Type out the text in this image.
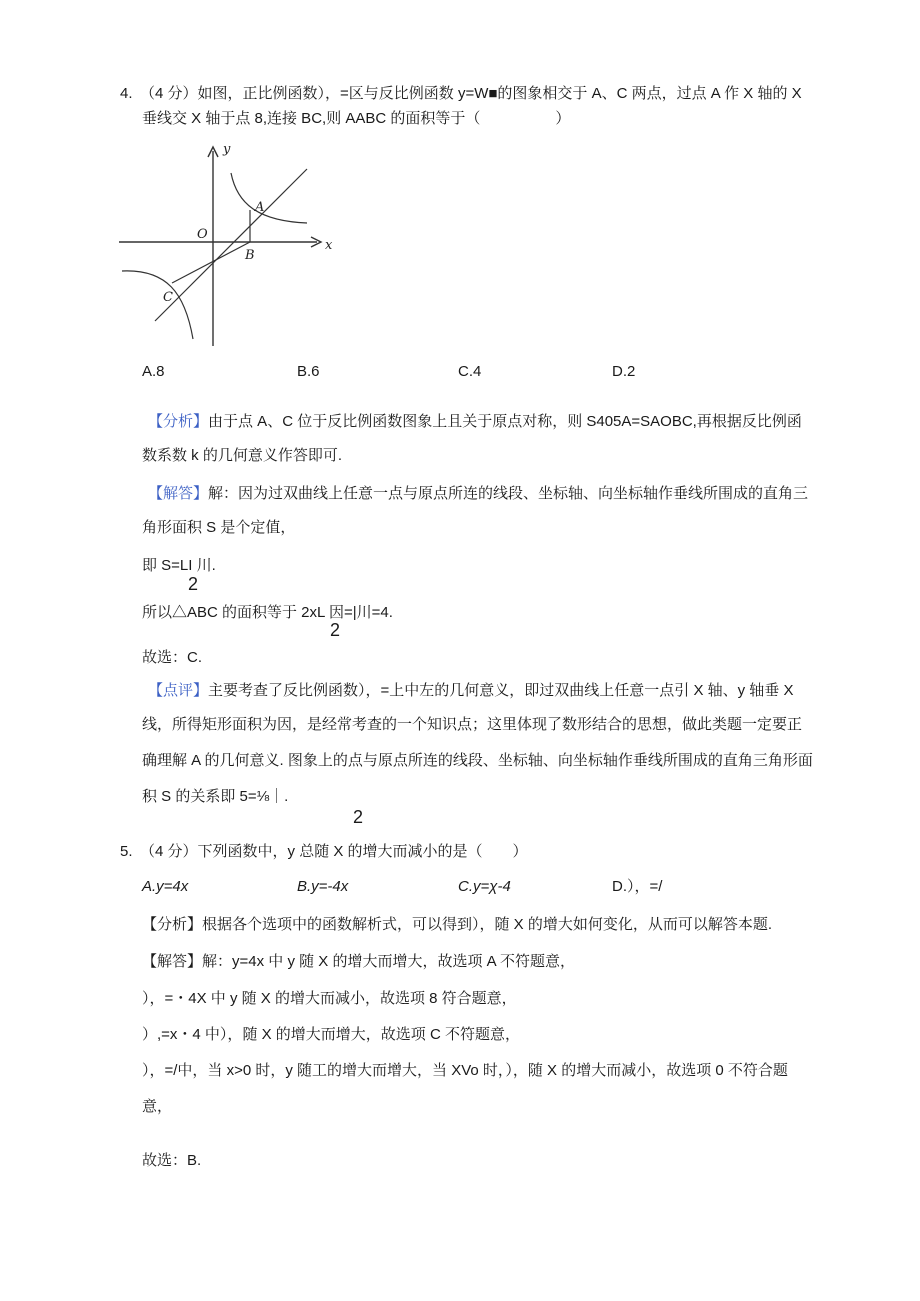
4.　（4 分）如图，正比例函数），=区与反比例函数 y=W■的图象相交于 A、C 两点，过点 A 作 X 轴的 X
垂线交 X 轴于点 8,连接 BC,则 AABC 的面积等于（　　　　　）
y
O
A
B
x
C
A.8	B.6	C.4	D.2
【分析】由于点 A、C 位于反比例函数图象上且关于原点对称，则 S405A=SAOBC,再根据反比例函
数系数 k 的几何意义作答即可.
【解答】解：因为过双曲线上任意一点与原点所连的线段、坐标轴、向坐标轴作垂线所围成的直角三
角形面积 S 是个定值，
即 S=LI 川.
2
所以△ABC 的面积等于 2xL 因=|川=4.
2
故选：C.
【点评】主要考查了反比例函数），=上中左的几何意义，即过双曲线上任意一点引 X 轴、y 轴垂 X
线，所得矩形面积为因，是经常考查的一个知识点；这里体现了数形结合的思想，做此类题一定要正
确理解 A 的几何意义. 图象上的点与原点所连的线段、坐标轴、向坐标轴作垂线所围成的直角三角形面
积 S 的关系即 5=⅛｜.
2
5.　（4 分）下列函数中，y 总随 X 的增大而减小的是（　　）
A.y=4x	B.y=-4x	C.y=χ-4	D.），=/
【分析】根据各个选项中的函数解析式，可以得到），随 X 的增大如何变化，从而可以解答本题.
【解答】解：y=4x 中 y 随 X 的增大而增大，故选项 A 不符题意，
），=・4X 中 y 随 X 的增大而减小，故选项 8 符合题意，
）,=x・4 中），随 X 的增大而增大，故选项 C 不符题意，
），=/中，当 x>0 时，y 随工的增大而增大，当 XVo 时，），随 X 的增大而减小，故选项 0 不符合题
意，
故选：B.
